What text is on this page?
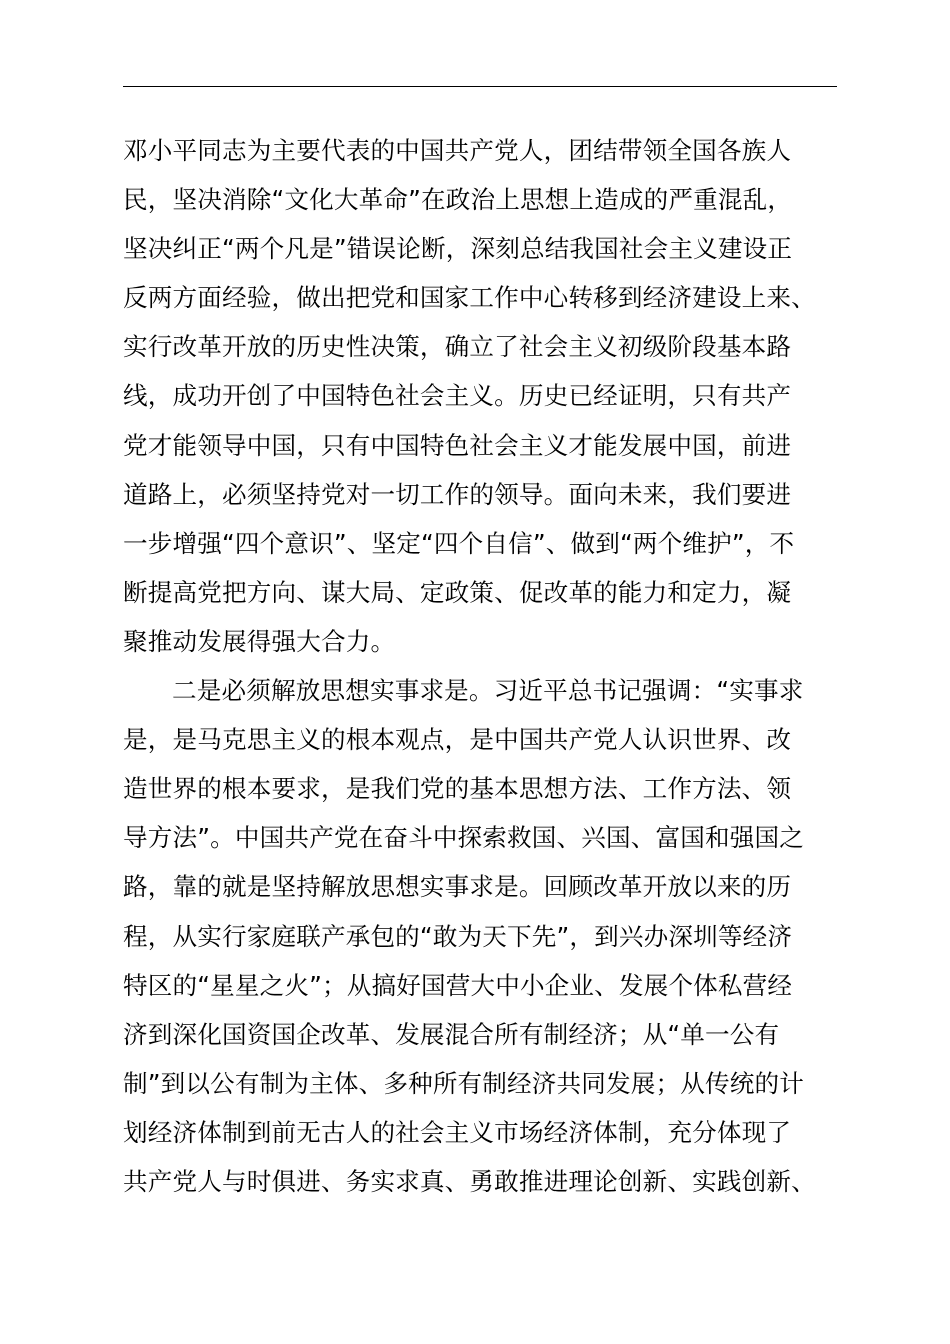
邓小平同志为主要代表的中国共产党人，团结带领全国各族人
民，坚决消除“文化大革命”在政治上思想上造成的严重混乱，
坚决纠正“两个凡是”错误论断，深刻总结我国社会主义建设正
反两方面经验，做出把党和国家工作中心转移到经济建设上来、
实行改革开放的历史性决策，确立了社会主义初级阶段基本路
线，成功开创了中国特色社会主义。历史已经证明，只有共产
党才能领导中国，只有中国特色社会主义才能发展中国，前进
道路上，必须坚持党对一切工作的领导。面向未来，我们要进
一步增强“四个意识”、坚定“四个自信”、做到“两个维护”，不
断提高党把方向、谋大局、定政策、促改革的能力和定力，凝
聚推动发展得强大合力。
二是必须解放思想实事求是。习近平总书记强调：“实事求
是，是马克思主义的根本观点，是中国共产党人认识世界、改
造世界的根本要求，是我们党的基本思想方法、工作方法、领
导方法”。中国共产党在奋斗中探索救国、兴国、富国和强国之
路，靠的就是坚持解放思想实事求是。回顾改革开放以来的历
程，从实行家庭联产承包的“敢为天下先”，到兴办深圳等经济
特区的“星星之火”；从搞好国营大中小企业、发展个体私营经
济到深化国资国企改革、发展混合所有制经济；从“单一公有
制”到以公有制为主体、多种所有制经济共同发展；从传统的计
划经济体制到前无古人的社会主义市场经济体制，充分体现了
共产党人与时俱进、务实求真、勇敢推进理论创新、实践创新、
